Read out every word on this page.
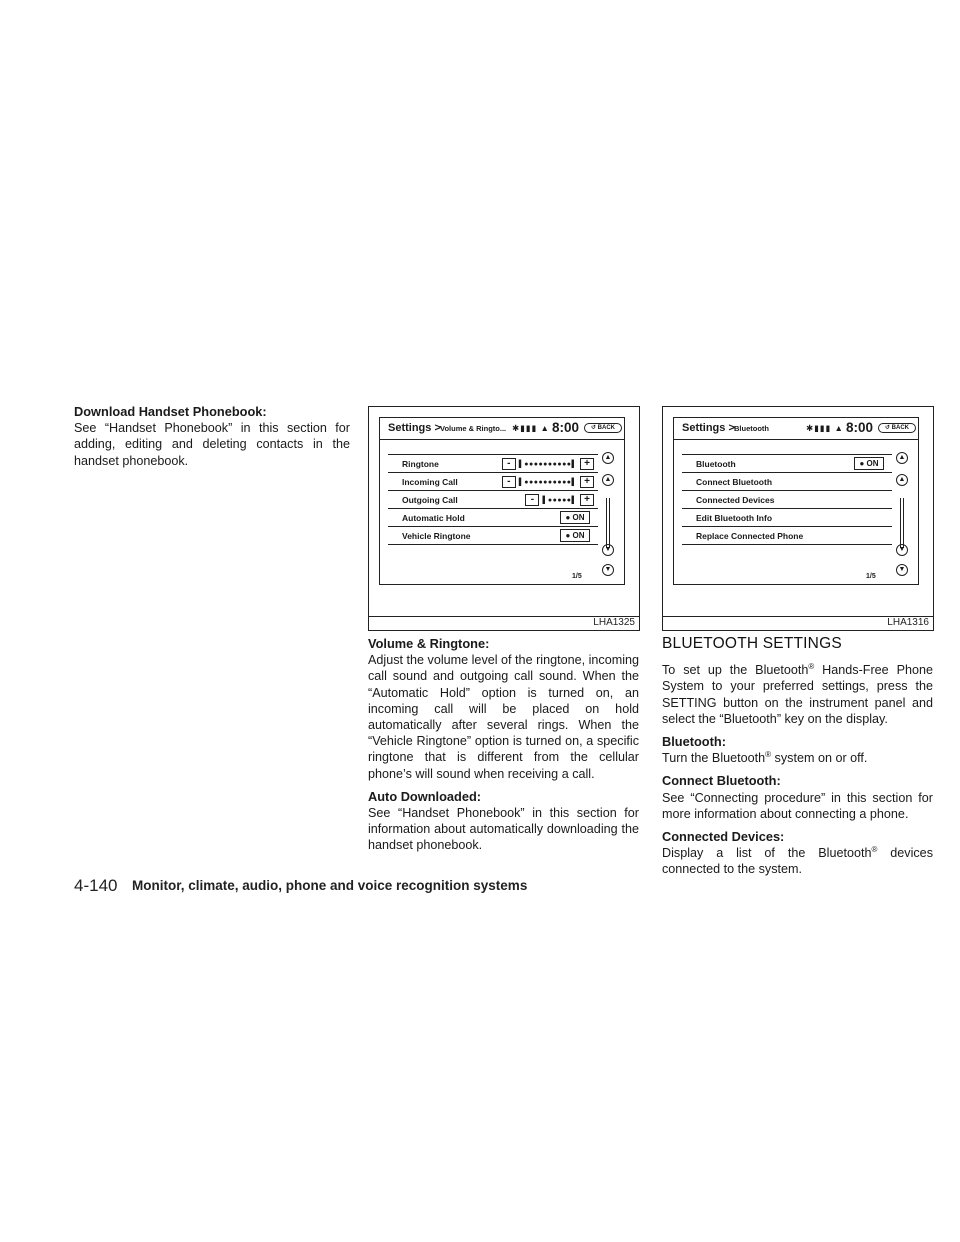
Download Handset Phonebook:
See “Handset Phonebook” in this section for adding, editing and deleting contacts in the handset phonebook.
Settings > Volume & Ringto... ✱▮▮▮ ▲ 8:00	↺ BACK
Ringtone	-	▌●●●●●●●●●●▌ +
Incoming Call	-	▌●●●●●●●●●●▌ +
Outgoing Call	-	▌●●●●●▌ +
Automatic Hold	● ON
Vehicle Ringtone	● ON
▲
▲
▼
▼
1/5
LHA1325
Settings > Bluetooth	✱▮▮▮ ▲ 8:00	↺ BACK
Bluetooth	● ON
Connect Bluetooth
Connected Devices
Edit Bluetooth Info
Replace Connected Phone
▲
▲
▼
▼
1/5
LHA1316
Volume & Ringtone:
Adjust the volume level of the ringtone, incoming call sound and outgoing call sound. When the “Automatic Hold” option is turned on, an incoming call will be placed on hold automatically after several rings. When the “Vehicle Ringtone” option is turned on, a specific ringtone that is different from the cellular phone’s will sound when receiving a call.
Auto Downloaded:
See “Handset Phonebook” in this section for information about automatically downloading the handset phonebook.
BLUETOOTH SETTINGS
To set up the Bluetooth® Hands-Free Phone System to your preferred settings, press the SETTING button on the instrument panel and select the “Bluetooth” key on the display.
Bluetooth:
Turn the Bluetooth® system on or off.
Connect Bluetooth:
See “Connecting procedure” in this section for more information about connecting a phone.
Connected Devices:
Display a list of the Bluetooth® devices connected to the system.
4-140 Monitor, climate, audio, phone and voice recognition systems
